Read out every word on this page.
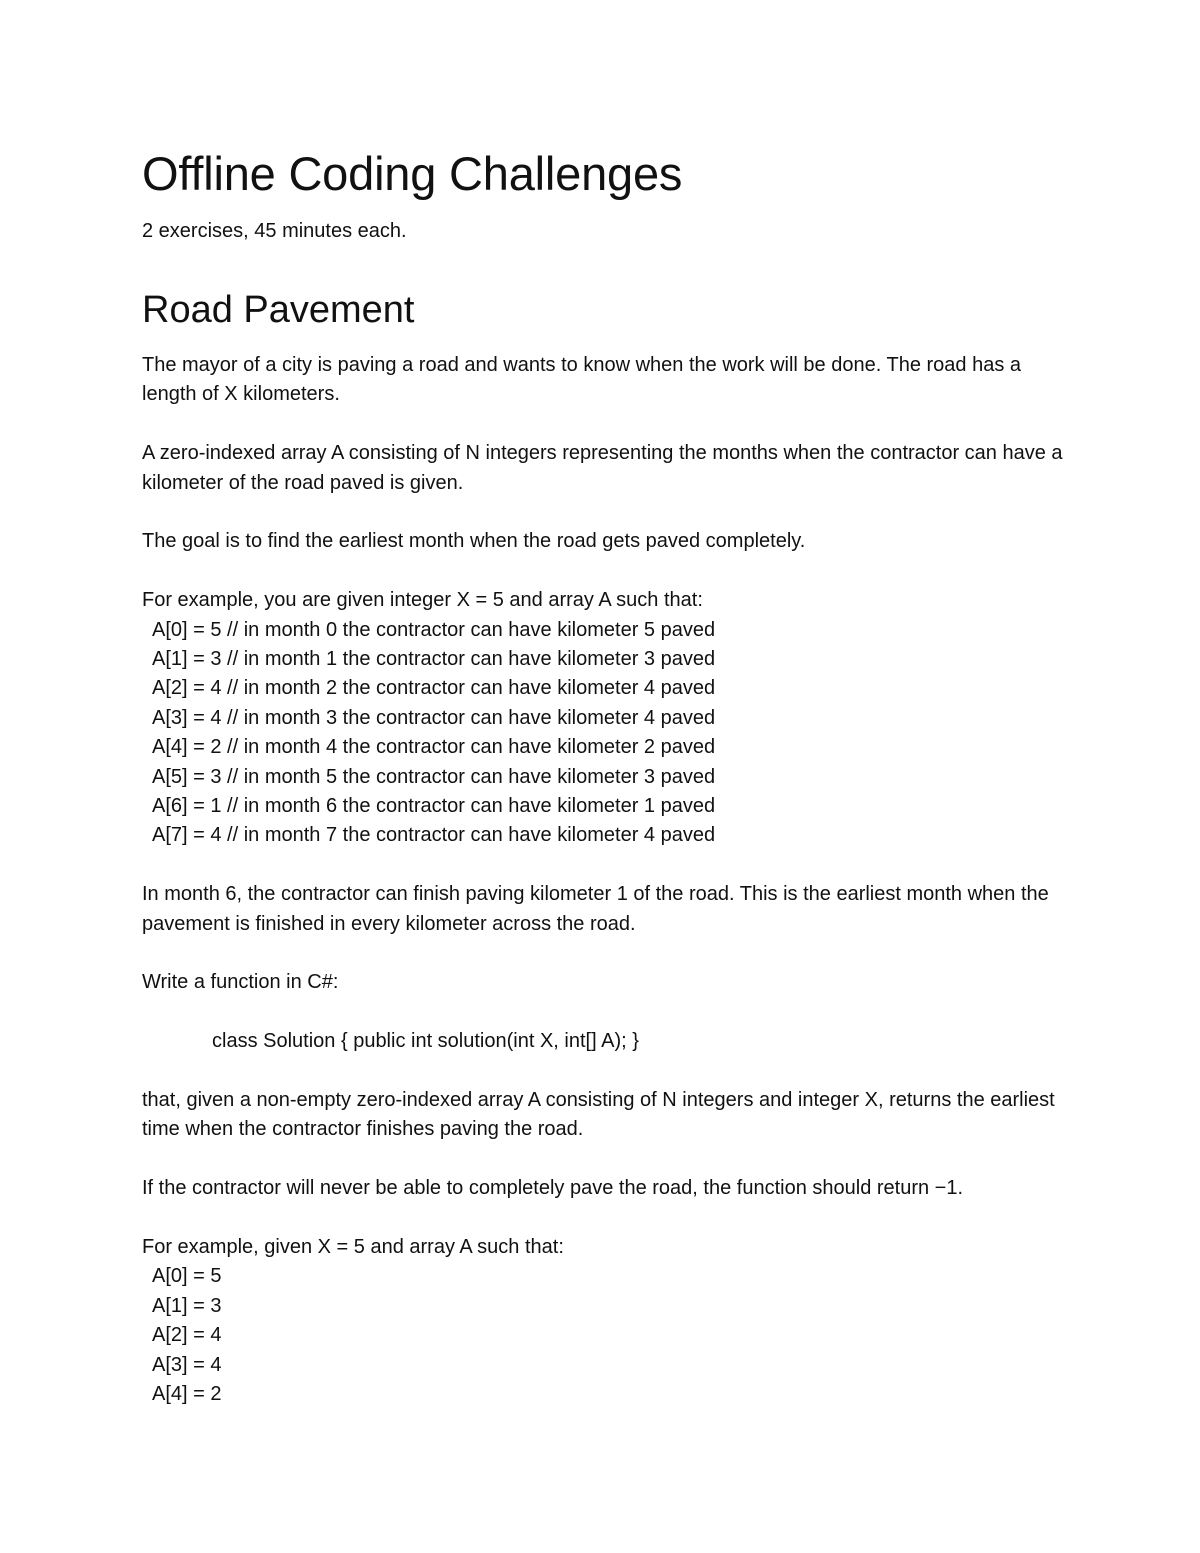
Offline Coding Challenges

2 exercises, 45 minutes each.

Road Pavement

The mayor of a city is paving a road and wants to know when the work will be done. The road has a length of X kilometers.

A zero-indexed array A consisting of N integers representing the months when the contractor can have a kilometer of the road paved is given.

The goal is to find the earliest month when the road gets paved completely.

For example, you are given integer X = 5 and array A such that:

A[0] = 5 // in month 0 the contractor can have kilometer 5 paved

A[1] = 3 // in month 1 the contractor can have kilometer 3 paved

A[2] = 4 // in month 2 the contractor can have kilometer 4 paved

A[3] = 4 // in month 3 the contractor can have kilometer 4 paved

A[4] = 2 // in month 4 the contractor can have kilometer 2 paved

A[5] = 3 // in month 5 the contractor can have kilometer 3 paved

A[6] = 1 // in month 6 the contractor can have kilometer 1 paved

A[7] = 4 // in month 7 the contractor can have kilometer 4 paved

In month 6, the contractor can finish paving kilometer 1 of the road. This is the earliest month when the pavement is finished in every kilometer across the road.

Write a function in C#:

class Solution { public int solution(int X, int[] A); }

that, given a non-empty zero-indexed array A consisting of N integers and integer X, returns the earliest time when the contractor finishes paving the road.

If the contractor will never be able to completely pave the road, the function should return −1.

For example, given X = 5 and array A such that:

A[0] = 5

A[1] = 3

A[2] = 4

A[3] = 4

A[4] = 2
